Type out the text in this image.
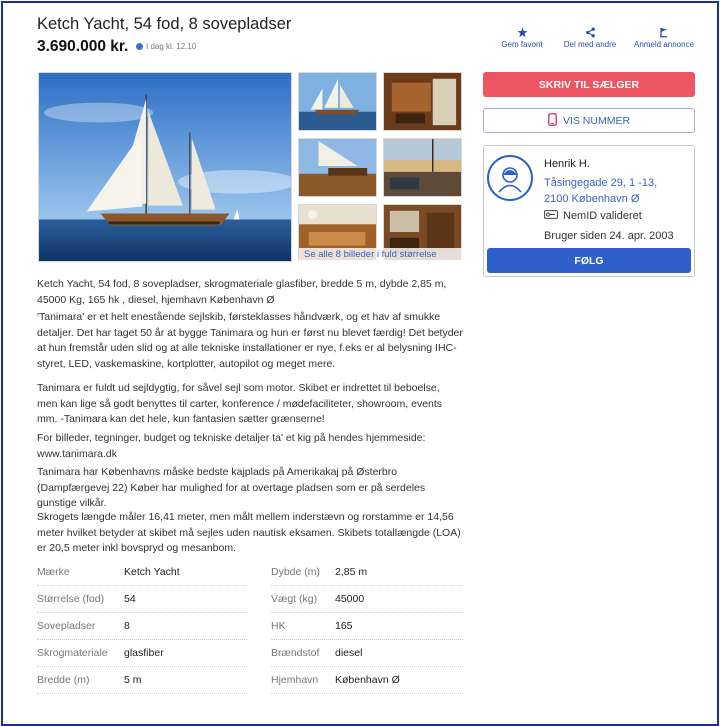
Ketch Yacht, 54 fod, 8 sovepladser
3.690.000 kr. I dag kl. 12.10	Gem favorit	Del med andre Anmeld annonce
Se alle 8 billeder i fuld størrelse
SKRIV TIL SÆLGER
VIS NUMMER
Henrik H.
Tåsingegade 29, 1 -13,
2100 København Ø
NemID valideret
Bruger siden 24. apr. 2003
FØLG
Ketch Yacht, 54 fod, 8 sovepladser, skrogmateriale glasfiber, bredde 5 m, dybde 2,85 m, 45000 Kg, 165 hk , diesel, hjemhavn København Ø
'Tanimara' er et helt enestående sejlskib, førsteklasses håndværk, og et hav af smukke detaljer. Det har taget 50 år at bygge Tanimara og hun er først nu blevet færdig! Det betyder at hun fremstår uden slid og at alle tekniske installationer er nye, f.eks er al belysning IHC-styret, LED, vaskemaskine, kortplotter, autopilot og meget mere.
Tanimara er fuldt ud sejldygtig, for såvel sejl som motor. Skibet er indrettet til beboelse, men kan lige så godt benyttes til carter, konference / mødefaciliteter, showroom, events mm. -Tanimara kan det hele, kun fantasien sætter grænserne!
For billeder, tegninger, budget og tekniske detaljer ta' et kig på hendes hjemmeside: www.tanimara.dk
Tanimara har Københavns måske bedste kajplads på Amerikakaj på Østerbro (Dampfærgevej 22) Køber har mulighed for at overtage pladsen som er på serdeles gunstige vilkår.
Skrogets længde måler 16,41 meter, men målt mellem inderstævn og rorstamme er 14,56 meter hvilket betyder at skibet må sejles uden nautisk eksamen. Skibets totallængde (LOA) er 20,5 meter inkl bovspryd og mesanbom.
Mærke	Ketch Yacht
Størrelse (fod)	54
Sovepladser	8
Skrogmateriale	glasfiber
Bredde (m)	5 m
Dybde (m)	2,85 m
Vægt (kg)	45000
HK	165
Brændstof	diesel
Hjemhavn	København Ø
